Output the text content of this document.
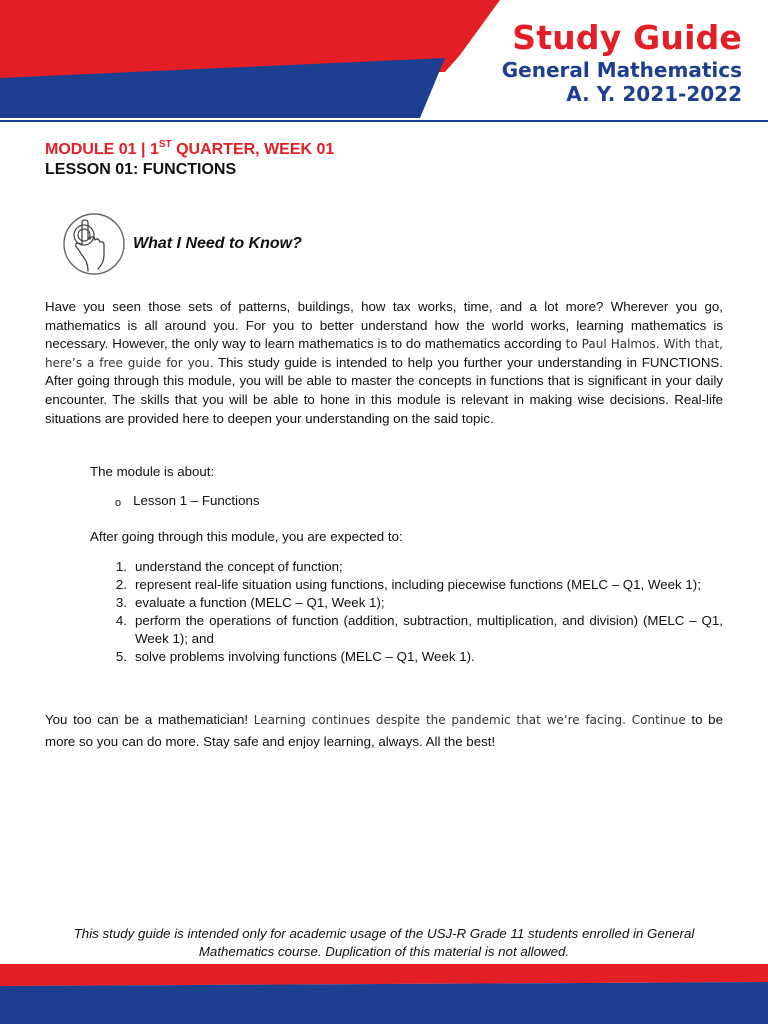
Study Guide
General Mathematics
A. Y. 2021-2022
MODULE 01 | 1ST QUARTER, WEEK 01
LESSON 01: FUNCTIONS
What I Need to Know?

Have you seen those sets of patterns, buildings, how tax works, time, and a lot more? Wherever you go, mathematics is all around you. For you to better understand how the world works, learning mathematics is necessary. However, the only way to learn mathematics is to do mathematics according to Paul Halmos. With that, here’s a free guide for you. This study guide is intended to help you further your understanding in FUNCTIONS. After going through this module, you will be able to master the concepts in functions that is significant in your daily encounter. The skills that you will be able to hone in this module is relevant in making wise decisions. Real-life situations are provided here to deepen your understanding on the said topic.

The module is about:

o Lesson 1 – Functions

After going through this module, you are expected to:

1. understand the concept of function;
2. represent real-life situation using functions, including piecewise functions (MELC – Q1, Week 1);
3. evaluate a function (MELC – Q1, Week 1);
4. perform the operations of function (addition, subtraction, multiplication, and division) (MELC – Q1, Week 1); and
5. solve problems involving functions (MELC – Q1, Week 1).

You too can be a mathematician! Learning continues despite the pandemic that we’re facing. Continue to be more so you can do more. Stay safe and enjoy learning, always. All the best!

This study guide is intended only for academic usage of the USJ-R Grade 11 students enrolled in General Mathematics course. Duplication of this material is not allowed.
